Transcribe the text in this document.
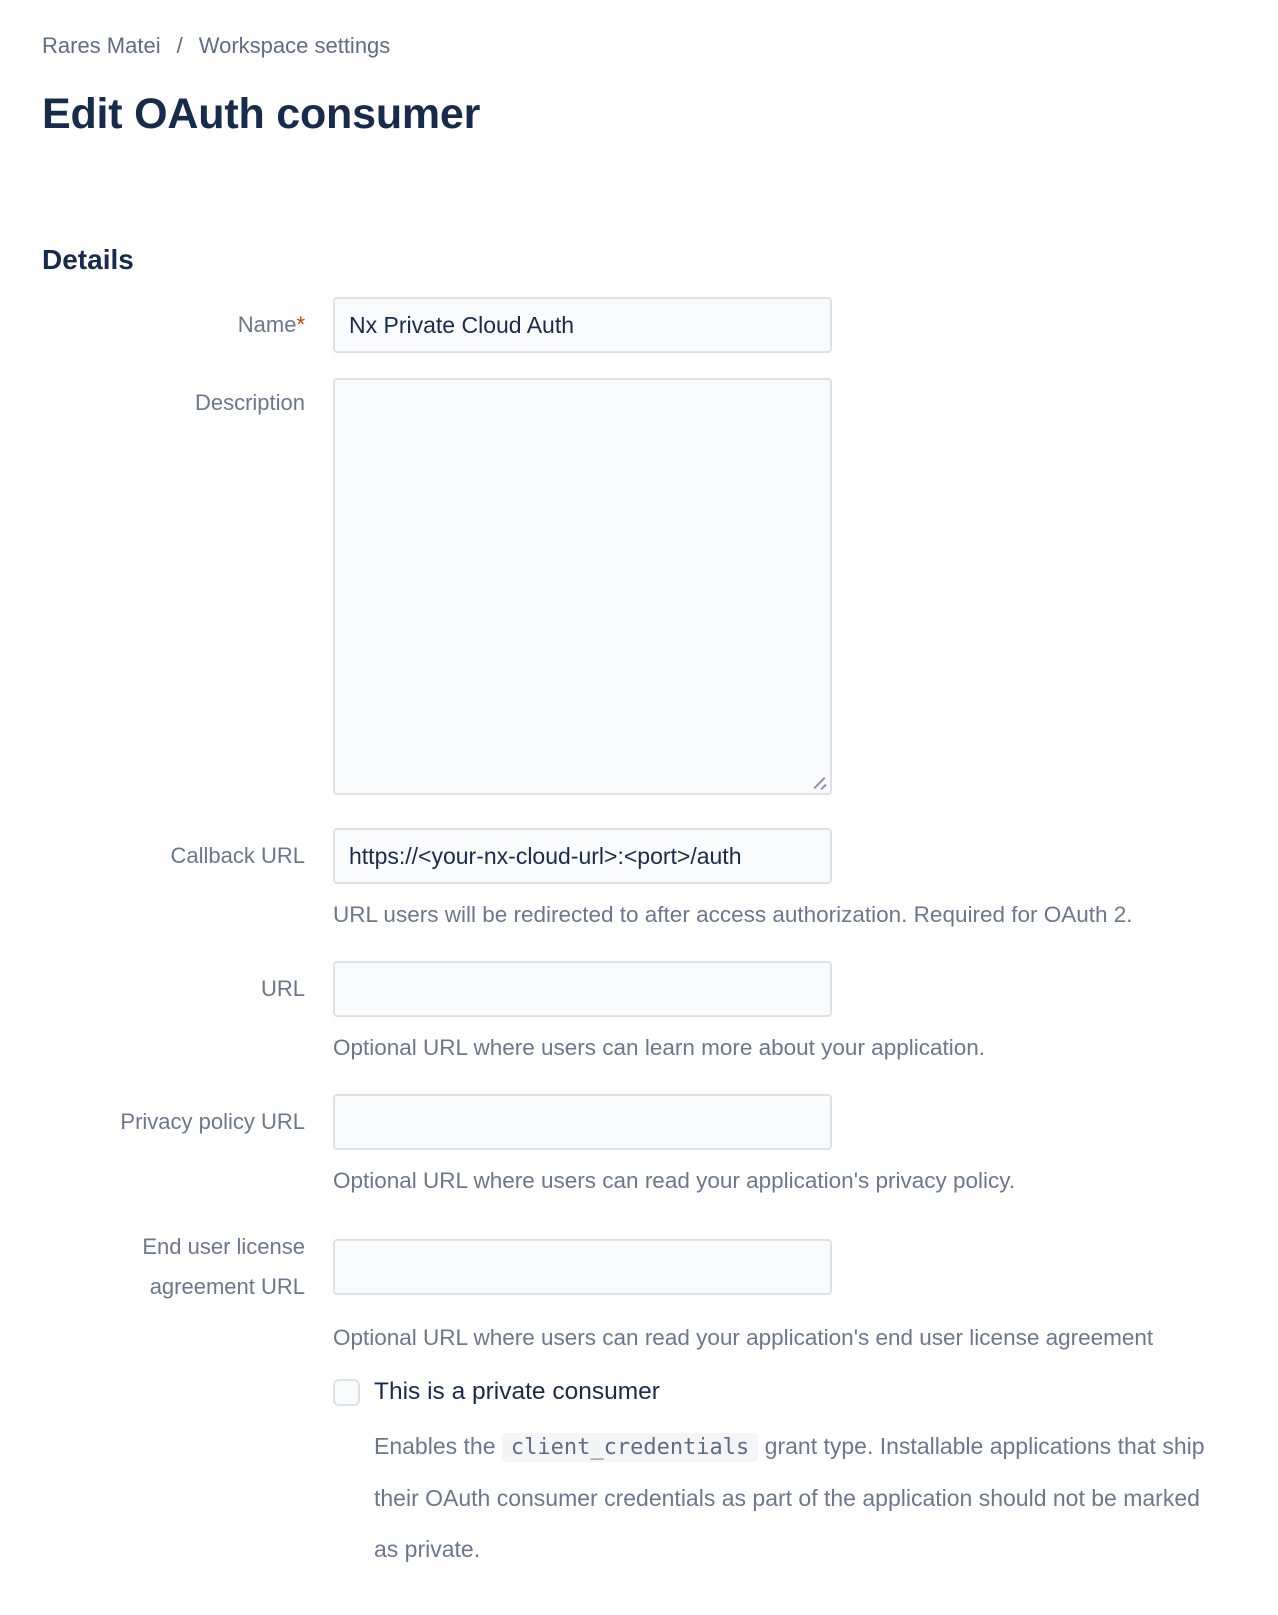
Rares Matei / Workspace settings
Edit OAuth consumer
Details
Name*
Nx Private Cloud Auth
Description
Callback URL
https://<your-nx-cloud-url>:<port>/auth
URL users will be redirected to after access authorization. Required for OAuth 2.
URL
Optional URL where users can learn more about your application.
Privacy policy URL
Optional URL where users can read your application's privacy policy.
End user license agreement URL
Optional URL where users can read your application's end user license agreement
This is a private consumer
Enables the client_credentials grant type. Installable applications that ship their OAuth consumer credentials as part of the application should not be marked as private.
